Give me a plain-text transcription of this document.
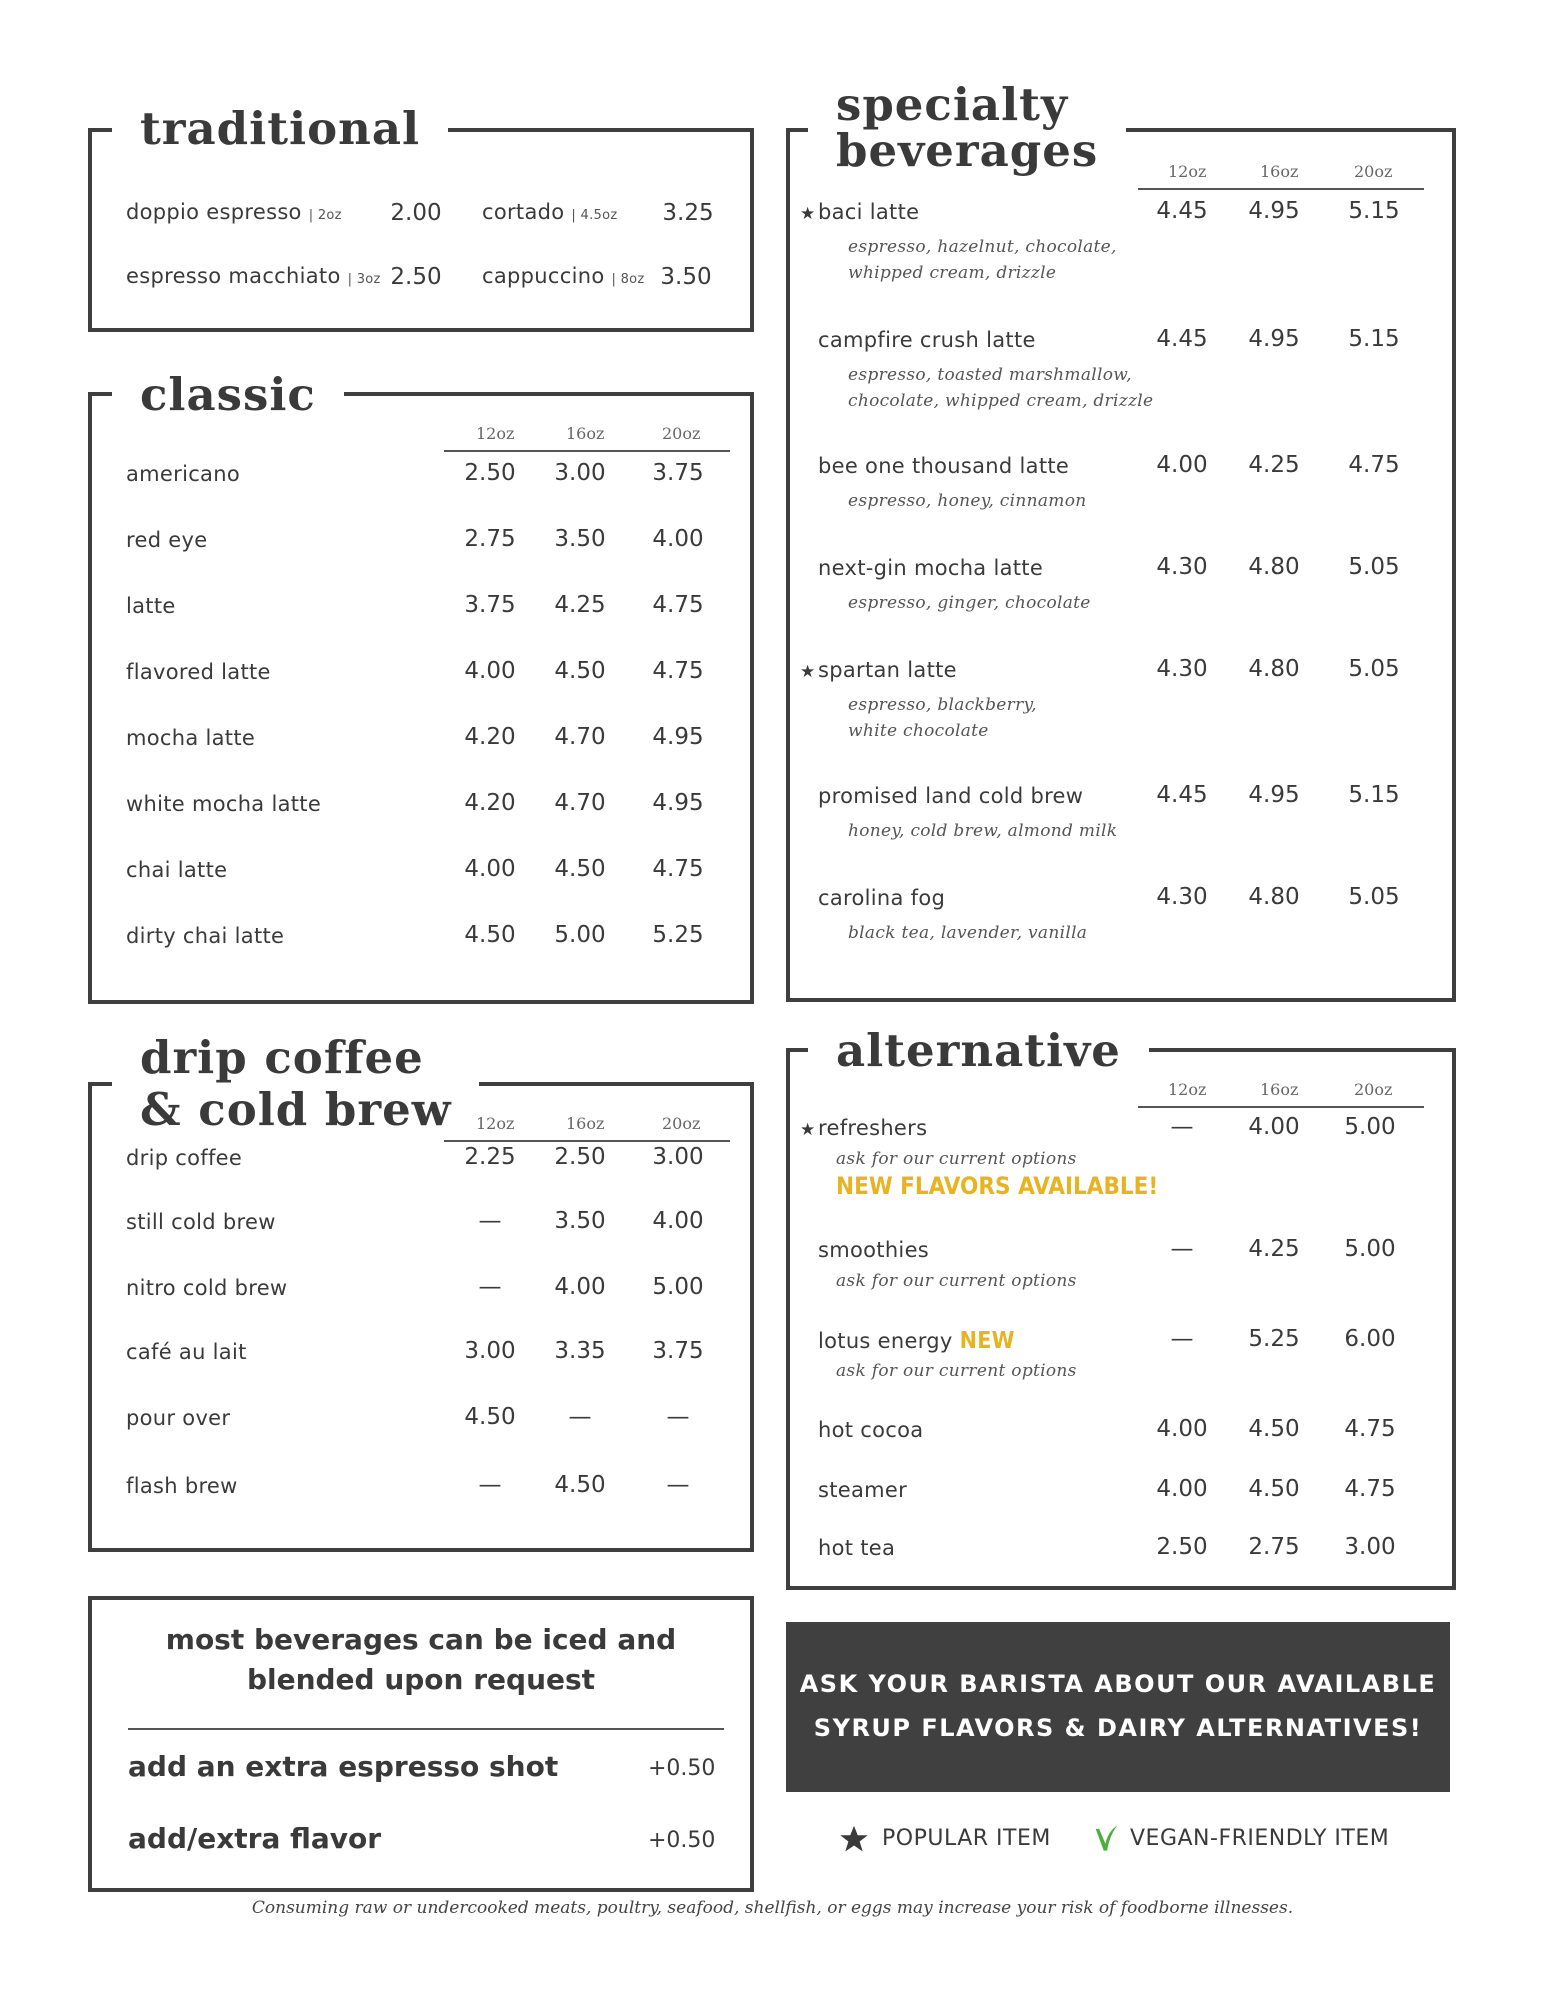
traditional
doppio espresso | 2oz	2.00	cortado | 4.5oz	3.25
espresso macchiato | 3oz 2.50	cappuccino | 8oz 3.50
classic
12oz	16oz	20oz
americano	2.50	3.00	3.75
red eye	2.75	3.50	4.00
latte	3.75	4.25	4.75
flavored latte	4.00	4.50	4.75
mocha latte	4.20	4.70	4.95
white mocha latte	4.20	4.70	4.95
chai latte	4.00	4.50	4.75
dirty chai latte	4.50	5.00	5.25
drip coffee
& cold brew 12oz	16oz	20oz
drip coffee	2.25	2.50	3.00
still cold brew	—	3.50	4.00
nitro cold brew	—	4.00	5.00
café au lait	3.00	3.35	3.75
pour over	4.50	—	—
flash brew	—	4.50	—
most beverages can be iced and
blended upon request
add an extra espresso shot	+0.50
add/extra flavor	+0.50
specialty
beverages	12oz	16oz	20oz
★ baci latte	4.45	4.95	5.15
espresso, hazelnut, chocolate,
whipped cream, drizzle
campfire crush latte	4.45	4.95	5.15
espresso, toasted marshmallow,
chocolate, whipped cream, drizzle
bee one thousand latte	4.00	4.25	4.75
espresso, honey, cinnamon
next-gin mocha latte	4.30	4.80	5.05
espresso, ginger, chocolate
★ spartan latte	4.30	4.80	5.05
espresso, blackberry,
white chocolate
promised land cold brew	4.45	4.95	5.15
honey, cold brew, almond milk
carolina fog	4.30	4.80	5.05
black tea, lavender, vanilla
alternative
12oz	16oz	20oz
★ refreshers	—	4.00	5.00
ask for our current options
NEW FLAVORS AVAILABLE!
smoothies	—	4.25	5.00
ask for our current options
lotus energy NEW	—	5.25	6.00
ask for our current options
hot cocoa	4.00	4.50	4.75
steamer	4.00	4.50	4.75
hot tea	2.50	2.75	3.00
ASK YOUR BARISTA ABOUT OUR AVAILABLE
SYRUP FLAVORS & DAIRY ALTERNATIVES!
POPULAR ITEM	VEGAN-FRIENDLY ITEM
Consuming raw or undercooked meats, poultry, seafood, shellfish, or eggs may increase your risk of foodborne illnesses.
